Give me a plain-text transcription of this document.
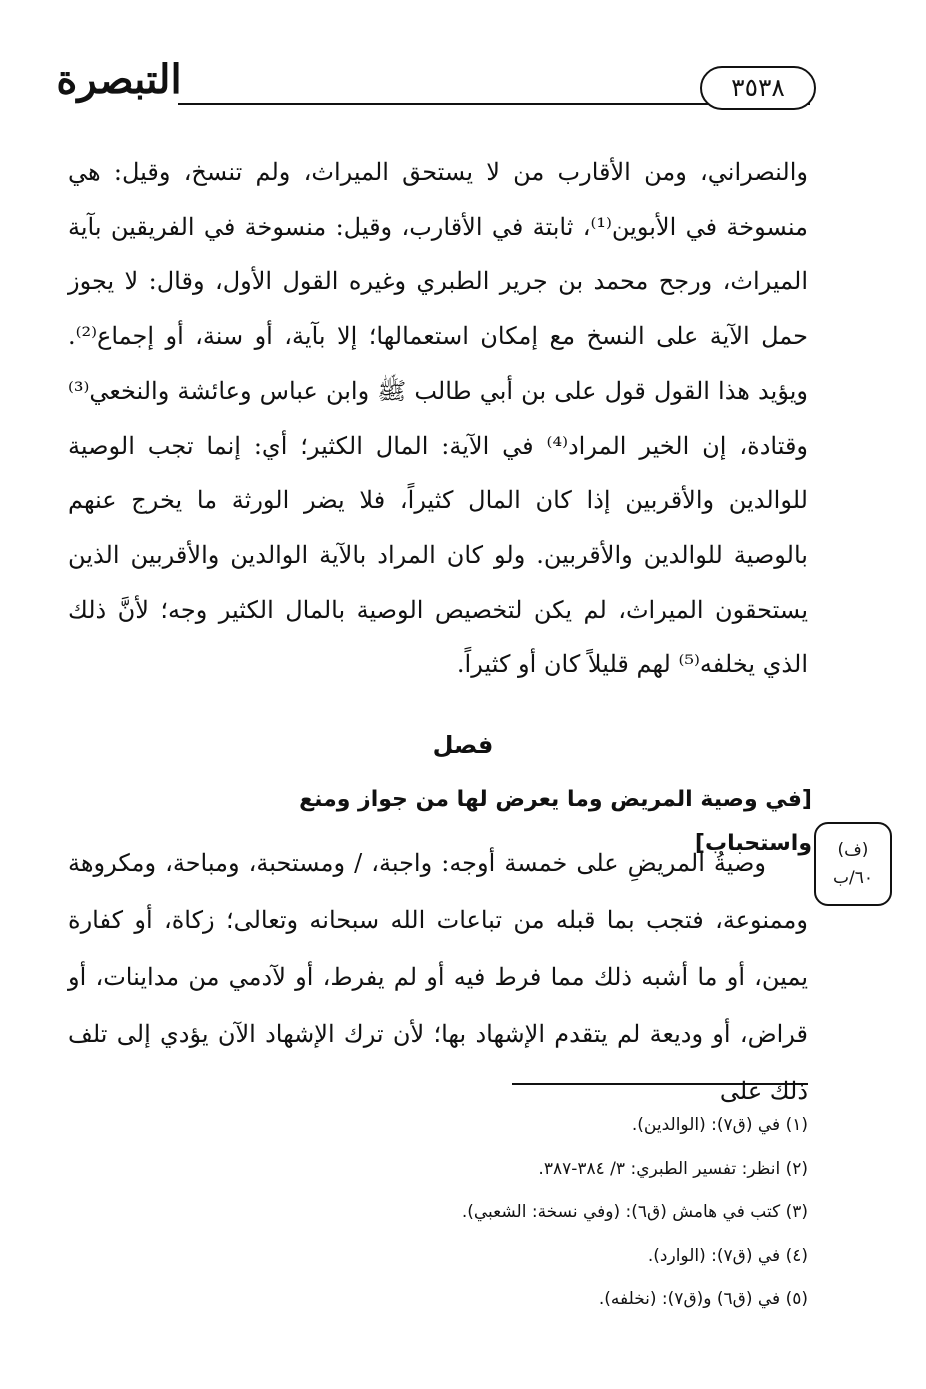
التبصرة	٣٥٣٨

والنصراني، ومن الأقارب من لا يستحق الميراث، ولم تنسخ، وقيل: هي منسوخة في الأبوين⁽¹⁾، ثابتة في الأقارب، وقيل: منسوخة في الفريقين بآية الميراث، ورجح محمد بن جرير الطبري وغيره القول الأول، وقال: لا يجوز حمل الآية على النسخ مع إمكان استعمالها؛ إلا بآية، أو سنة، أو إجماع⁽²⁾. ويؤيد هذا القول قول على بن أبي طالب ﷺ وابن عباس وعائشة والنخعي⁽³⁾ وقتادة، إن الخير المراد⁽⁴⁾ في الآية: المال الكثير؛ أي: إنما تجب الوصية للوالدين والأقربين إذا كان المال كثيراً، فلا يضر الورثة ما يخرج عنهم بالوصية للوالدين والأقربين. ولو كان المراد بالآية الوالدين والأقربين الذين يستحقون الميراث، لم يكن لتخصيص الوصية بالمال الكثير وجه؛ لأنَّ ذلك الذي يخلفه⁽⁵⁾ لهم قليلاً كان أو كثيراً.

فصل
[في وصية المريض وما يعرض لها من جواز ومنع واستحباب]

وصيةُ المريضِ على خمسة أوجه: واجبة، / ومستحبة، ومباحة، ومكروهة وممنوعة، فتجب بما قبله من تباعات الله سبحانه وتعالى؛ زكاة، أو كفارة يمين، أو ما أشبه ذلك مما فرط فيه أو لم يفرط، أو لآدمي من مداينات، أو قراض، أو وديعة لم يتقدم الإشهاد بها؛ لأن ترك الإشهاد الآن يؤدي إلى تلف ذلك على

(ف)
٦٠/ب
(١) في (ق٧): (الوالدين).
(٢) انظر: تفسير الطبري: ٣/ ٣٨٤-٣٨٧.
(٣) كتب في هامش (ق٦): (وفي نسخة: الشعبي).
(٤) في (ق٧): (الوارد).
(٥) في (ق٦) و(ق٧): (نخلفه).
